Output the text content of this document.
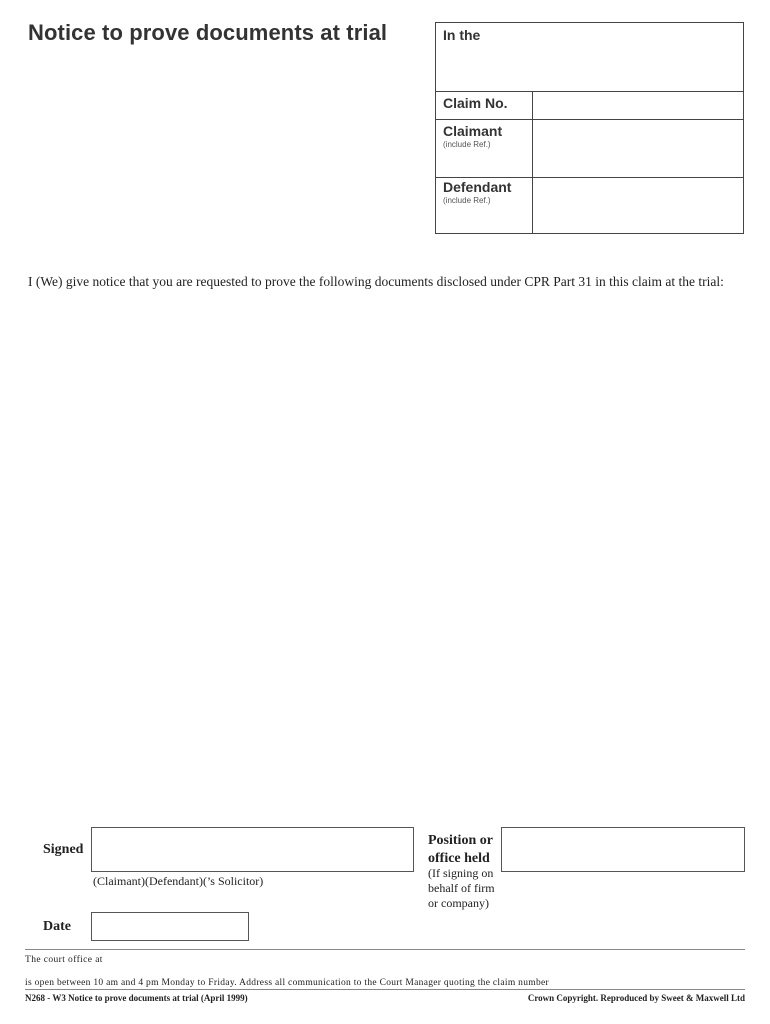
Notice to prove documents at trial	In the
Claim No.
Claimant
(include Ref.)
Defendant
(include Ref.)
I (We) give notice that you are requested to prove the following documents disclosed under CPR Part 31 in this claim at the trial:
Signed
(Claimant)(Defendant)(’s Solicitor)
Position or
office held
(If signing on
behalf of firm
or company)
Date
The court office at
is open between 10 am and 4 pm Monday to Friday. Address all communication to the Court Manager quoting the claim number
N268 - W3 Notice to prove documents at trial (April 1999)	Crown Copyright. Reproduced by Sweet & Maxwell Ltd
